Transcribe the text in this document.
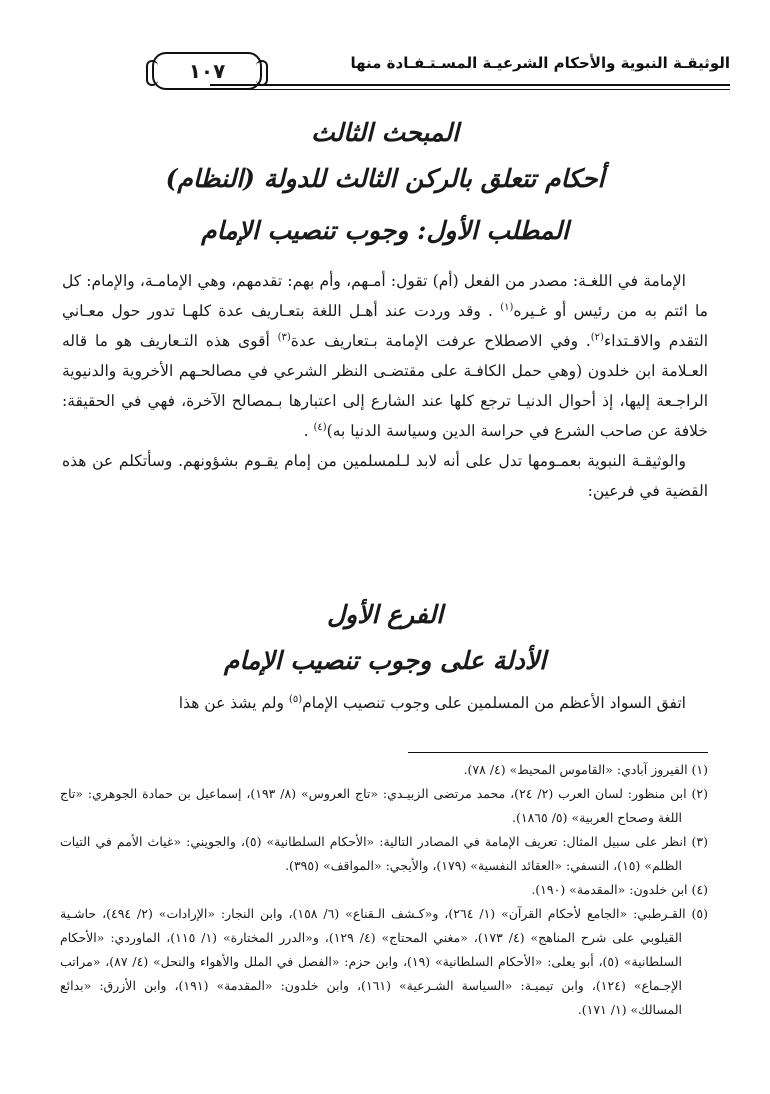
الوثيقـة النبوية والأحكام الشرعيـة المسـتـفـادة منها
١٠٧
المبحث الثالث
أحكام تتعلق بالركن الثالث للدولة (النظام)
المطلب الأول: وجوب تنصيب الإمام

الإمامة في اللغـة: مصدر من الفعل (أم) تقول: أمـهم، وأم بهم: تقدمهم، وهي الإمامـة، والإمام: كل ما ائتم به من رئيس أو غـيره$^{(١)}$ . وقد وردت عند أهـل اللغة بتعـاريف عدة كلهـا تدور حول معـاني التقدم والاقـتداء$^{(٢)}$. وفي الاصطلاح عرفت الإمامة بـتعاريف عدة$^{(٣)}$ أقوى هذه التـعاريف هو ما قاله العـلامة ابن خلدون (وهي حمل الكافـة على مقتضـى النظر الشرعي في مصالحـهم الأخروية والدنيوية الراجـعة إليها، إذ أحوال الدنيـا ترجع كلها عند الشارع إلى اعتبارها بـمصالح الآخرة، فهي في الحقيقة: خلافة عن صاحب الشرع في حراسة الدين وسياسة الدنيا به)$^{(٤)}$ .

والوثيقـة النبوية بعمـومها تدل على أنه لابد لـلمسلمين من إمام يقـوم بشؤونهم. وسأتكلم عن هذه القضية في فرعين:

الفرع الأول
الأدلة على وجوب تنصيب الإمام

اتفق السواد الأعظم من المسلمين على وجوب تنصيب الإمام$^{(٥)}$ ولم يشذ عن هذا

(١) الفيروز آبادي: «القاموس المحيط» (٤/ ٧٨).

(٢) ابن منظور: لسان العرب (٢/ ٢٤)، محمد مرتضى الزبيـدي: «تاج العروس» (٨/ ١٩٣)، إسماعيل بن حمادة الجوهري: «تاج اللغة وصحاح العربية» (٥/ ١٨٦٥).

(٣) انظر على سبيل المثال: تعريف الإمامة في المصادر التالية: «الأحكام السلطانية» (٥)، والجويني: «غياث الأمم في التيات الظلم» (١٥)، النسفي: «العقائد النفسية» (١٧٩)، والأيجي: «المواقف» (٣٩٥).

(٤) ابن خلدون: «المقدمة» (١٩٠).

(٥) القـرطبي: «الجامع لأحكام القرآن» (١/ ٢٦٤)، و«كـشف الـقناع» (٦/ ١٥٨)، وابن النجار: «الإرادات» (٢/ ٤٩٤)، حاشـية القيلوبي على شرح المناهج» (٤/ ١٧٣)، «مغني المحتاج» (٤/ ١٢٩)، و«الدرر المختارة» (١/ ١١٥)، الماوردي: «الأحكام السلطانية» (٥)، أبو يعلى: «الأحكام السلطانية» (١٩)، وابن حزم: «الفصل في الملل والأهواء والنحل» (٤/ ٨٧)، «مراتب الإجـماع» (١٢٤)، وابن تيميـة: «السياسة الشـرعية» (١٦١)، وابن خلدون: «المقدمة» (١٩١)، وابن الأزرق: «بدائع المسالك» (١/ ١٧١).
